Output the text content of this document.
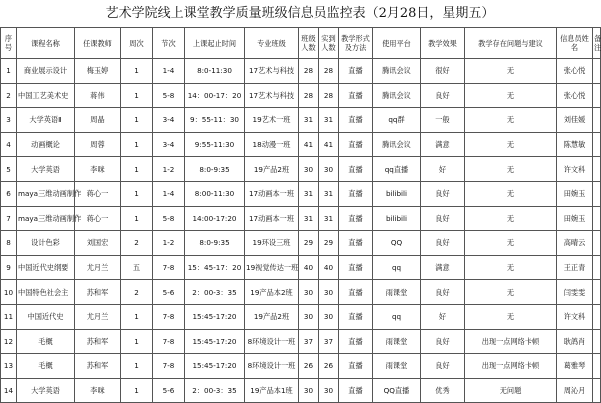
艺术学院线上课堂教学质量班级信息员监控表（2月28日，星期五）
序号	课程名称	任课教师	周次	节次	上课起止时间	专业班级	班级人数	实到人数	教学形式及方法	使用平台	教学效果	教学存在问题与建议	信息员姓名	备注
1	商业展示设计	梅玉婷	1	1-4	8:0-11:30	17艺术与科技	28	28	直播	腾讯会议	很好	无	张心悦	
2	中国工艺美术史	蒋伟	1	5-8	14：00-17：20	17艺术与科技	28	28	直播	腾讯会议	良好	无	张心悦	
3	大学英语Ⅱ	周晶	1	3-4	9：55-11：30	19艺术一班	31	31	直播	qq群	一般	无	刘佳媛	
4	动画概论	周蓉	1	3-4	9:55-11:30	18动漫一班	41	41	直播	腾讯会议	满意	无	陈慧敏	
5	大学英语	李咪	1	1-2	8:0-9:35	19产品2班	30	30	直播	qq直播	好	无	许文科	
6	maya三维动画制作	蒋心一	1	1-4	8:00-11:30	17动画本一班	31	31	直播	bilibili	良好	无	田婉玉	
7	maya三维动画制作	蒋心一	1	5-8	14:00-17:20	17动画本一班	31	31	直播	bilibili	良好	无	田婉玉	
8	设计色彩	刘国宏	2	1-2	8:0-9:35	19环设三班	29	29	直播	QQ	良好	无	高晴云	
9	中国近代史纲要	尤月兰	五	7-8	15：45-17：20	19视觉传达一班	40	40	直播	qq	满意	无	王正青	
10	中国特色社会主	苏和军	2	5-6	2：00-3：35	19产品本2班	30	30	直播	雨课堂	良好	无	闫雯雯	
11	中国近代史	尤月兰	1	7-8	15:45-17:20	19产品2班	30	30	直播	qq	好	无	许文科	
12	毛概	苏和军	1	7-8	15:45-17:20	8环境设计一班	37	37	直播	雨课堂	良好	出现一点网络卡顿	耿鸽肖	
13	毛概	苏和军	1	7-8	15:45-17:20	8环境设计一班	26	26	直播	雨课堂	良好	出现一点网络卡顿	葛雅琴	
14	大学英语	李咪	1	5-6	2：00-3：35	19产品本1班	30	30	直播	QQ直播	优秀	无问题	周沁月	
